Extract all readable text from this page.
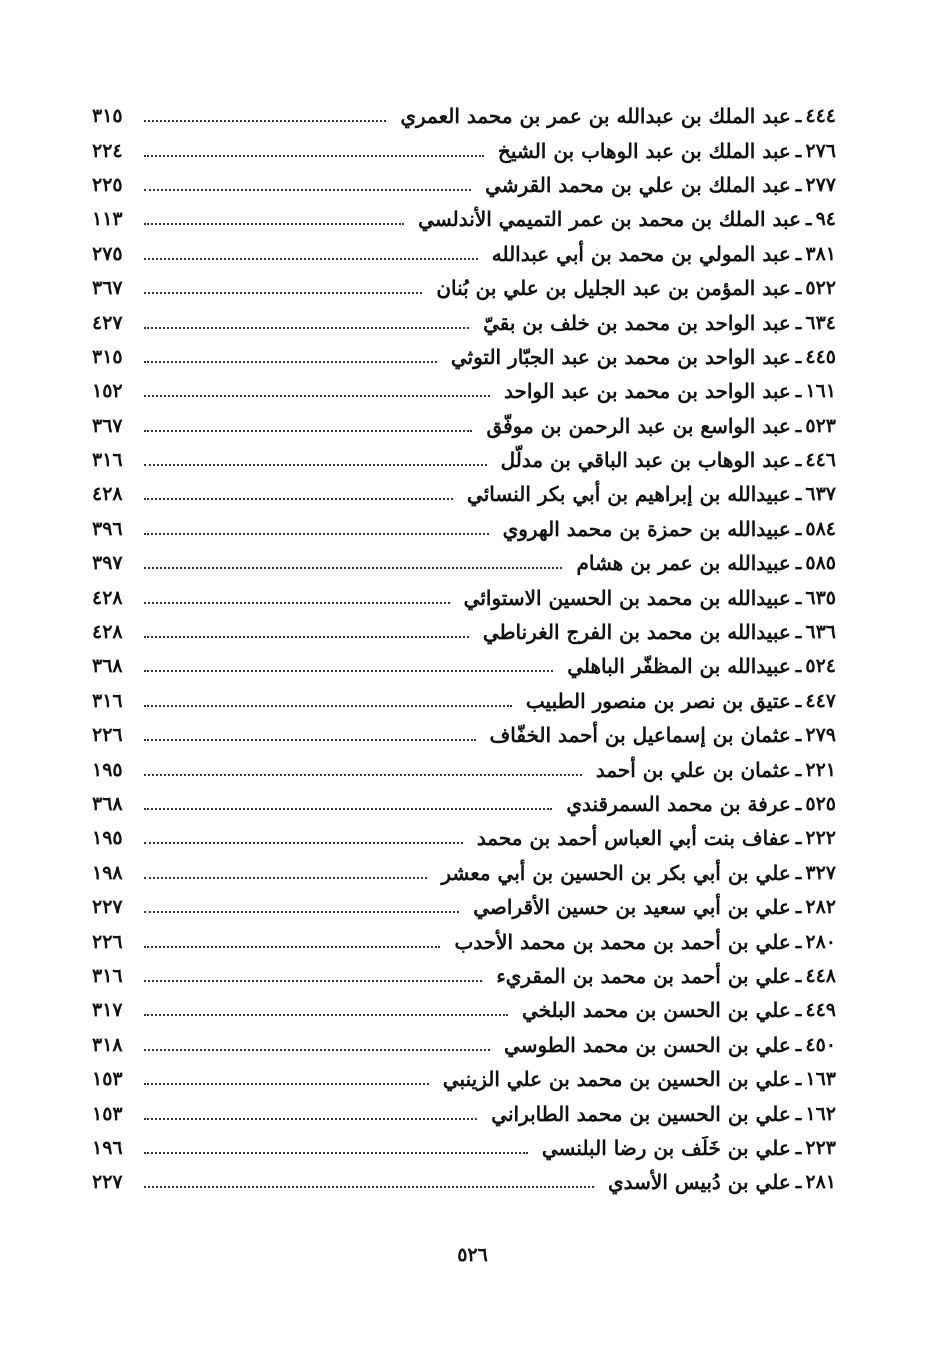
٤٤٤
ـ
عبد الملك بن عبدالله بن عمر بن محمد العمري
٣١٥
٢٧٦
ـ
عبد الملك بن عبد الوهاب بن الشيخ
٢٢٤
٢٧٧
ـ
عبد الملك بن علي بن محمد القرشي
٢٢٥
٩٤
ـ
عبد الملك بن محمد بن عمر التميمي الأندلسي
١١٣
٣٨١
ـ
عبد المولي بن محمد بن أبي عبدالله
٢٧٥
٥٢٢
ـ
عبد المؤمن بن عبد الجليل بن علي بن بُنان
٣٦٧
٦٣٤
ـ
عبد الواحد بن محمد بن خلف بن بقيّ
٤٢٧
٤٤٥
ـ
عبد الواحد بن محمد بن عبد الجبّار التوثي
٣١٥
١٦١
ـ
عبد الواحد بن محمد بن عبد الواحد
١٥٢
٥٢٣
ـ
عبد الواسع بن عبد الرحمن بن موفّق
٣٦٧
٤٤٦
ـ
عبد الوهاب بن عبد الباقي بن مدلّل
٣١٦
٦٣٧
ـ
عبيدالله بن إبراهيم بن أبي بكر النسائي
٤٢٨
٥٨٤
ـ
عبيدالله بن حمزة بن محمد الهروي
٣٩٦
٥٨٥
ـ
عبيدالله بن عمر بن هشام
٣٩٧
٦٣٥
ـ
عبيدالله بن محمد بن الحسين الاستوائي
٤٢٨
٦٣٦
ـ
عبيدالله بن محمد بن الفرج الغرناطي
٤٢٨
٥٢٤
ـ
عبيدالله بن المظفّر الباهلي
٣٦٨
٤٤٧
ـ
عتيق بن نصر بن منصور الطبيب
٣١٦
٢٧٩
ـ
عثمان بن إسماعيل بن أحمد الخفّاف
٢٢٦
٢٢١
ـ
عثمان بن علي بن أحمد
١٩٥
٥٢٥
ـ
عرفة بن محمد السمرقندي
٣٦٨
٢٢٢
ـ
عفاف بنت أبي العباس أحمد بن محمد
١٩٥
٣٢٧
ـ
علي بن أبي بكر بن الحسين بن أبي معشر
١٩٨
٢٨٢
ـ
علي بن أبي سعيد بن حسين الأقراصي
٢٢٧
٢٨٠
ـ
علي بن أحمد بن محمد بن محمد الأحدب
٢٢٦
٤٤٨
ـ
علي بن أحمد بن محمد بن المقريء
٣١٦
٤٤٩
ـ
علي بن الحسن بن محمد البلخي
٣١٧
٤٥٠
ـ
علي بن الحسن بن محمد الطوسي
٣١٨
١٦٣
ـ
علي بن الحسين بن محمد بن علي الزينبي
١٥٣
١٦٢
ـ
علي بن الحسين بن محمد الطابراني
١٥٣
٢٢٣
ـ
علي بن خَلَف بن رضا البلنسي
١٩٦
٢٨١
ـ
علي بن دُبيس الأسدي
٢٢٧
٥٢٦
